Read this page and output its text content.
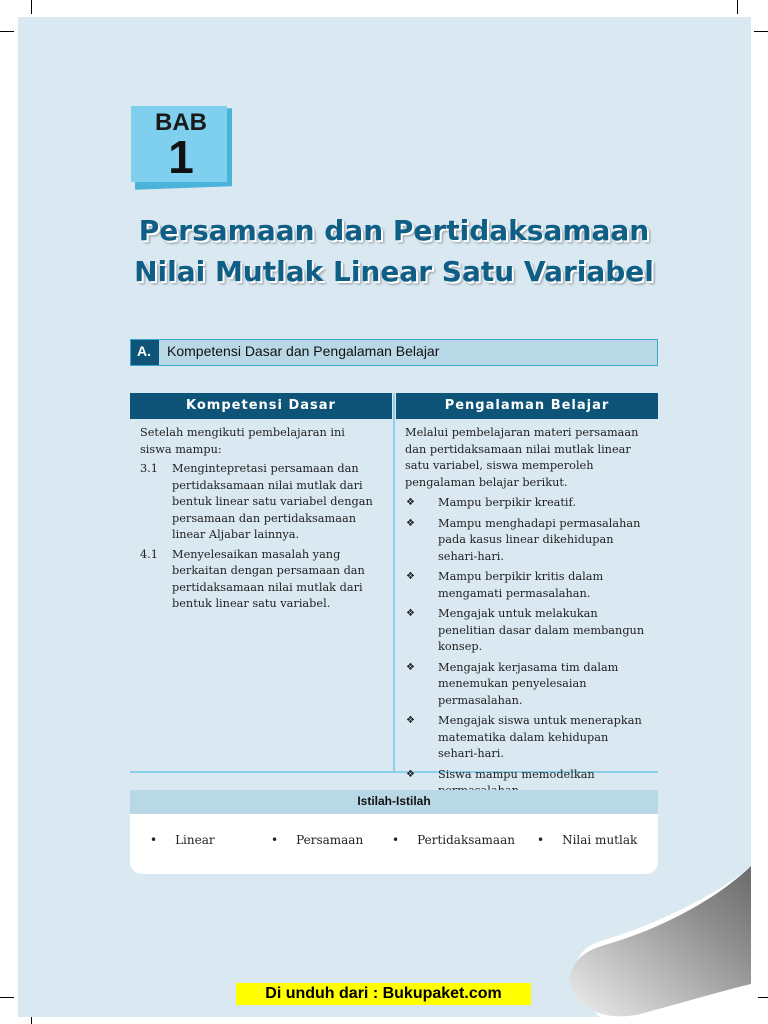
BAB
1
Persamaan dan Pertidaksamaan
Nilai Mutlak Linear Satu Variabel
A.	Kompetensi Dasar dan Pengalaman Belajar
Kompetensi Dasar	Pengalaman Belajar

Setelah mengikuti pembelajaran ini siswa mampu:

3.1	Mengintepretasi persamaan dan pertidaksamaan nilai mutlak dari bentuk linear satu variabel dengan persamaan dan pertidaksamaan linear Aljabar lainnya.
4.1	Menyelesaikan masalah yang berkaitan dengan persamaan dan pertidaksamaan nilai mutlak dari bentuk linear satu variabel.

Melalui pembelajaran materi persamaan dan pertidaksamaan nilai mutlak linear satu variabel, siswa memperoleh pengalaman belajar berikut.

❖	Mampu berpikir kreatif.
❖	Mampu menghadapi permasalahan pada kasus linear dikehidupan sehari-hari.
❖	Mampu berpikir kritis dalam mengamati permasalahan.
❖	Mengajak untuk melakukan penelitian dasar dalam membangun konsep.
❖	Mengajak kerjasama tim dalam menemukan penyelesaian permasalahan.
❖	Mengajak siswa untuk menerapkan matematika dalam kehidupan sehari-hari.
❖	Siswa mampu memodelkan
Istilah-Istilah
• Linear	• Persamaan • Pertidaksamaan • Nilai mutlak
Di unduh dari : Bukupaket.com
